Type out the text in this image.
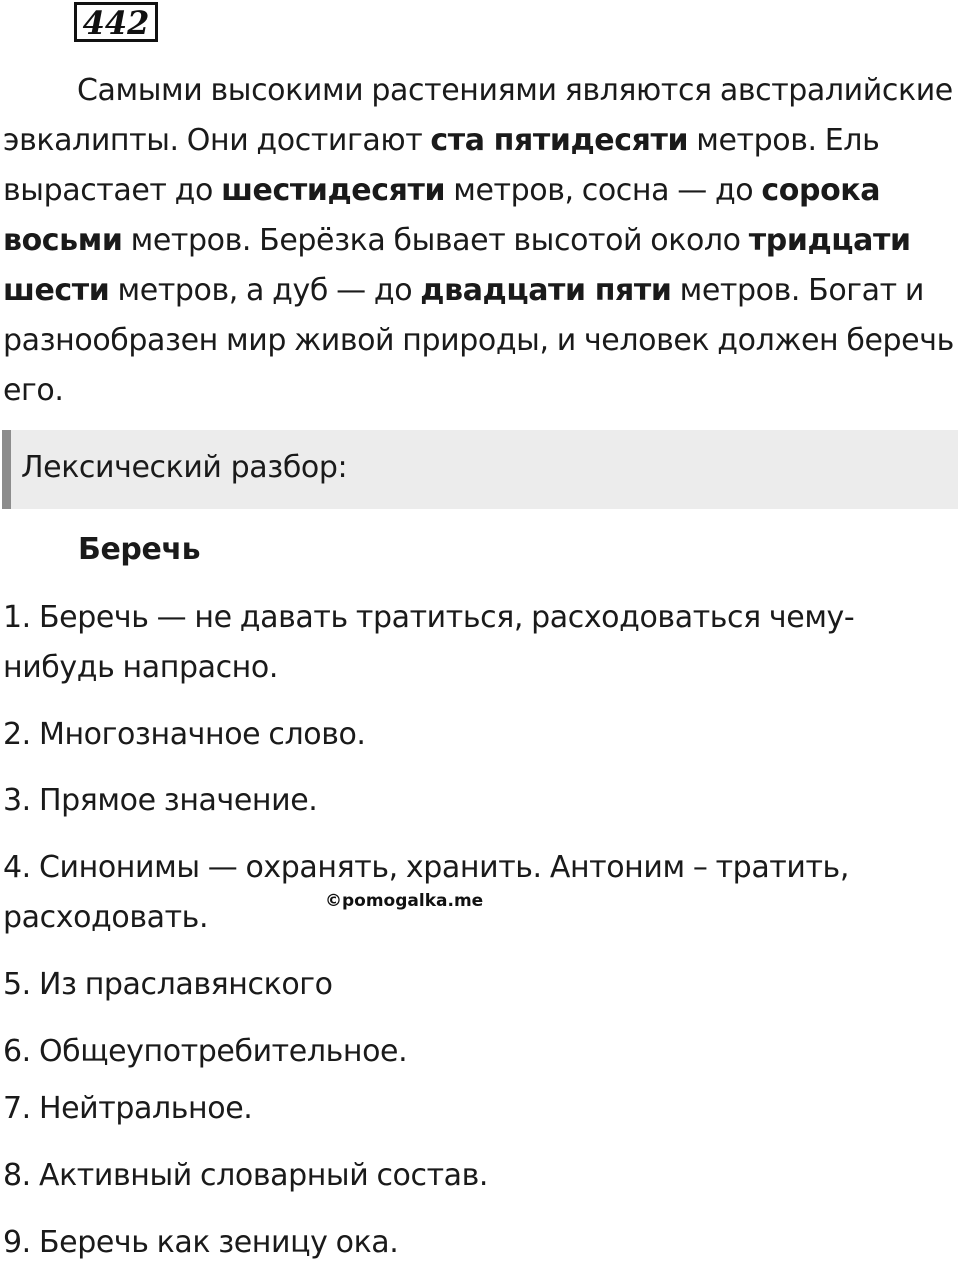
442

Самыми высокими растениями являются австралийские эвкалипты. Они достигают ста пятидесяти метров. Ель вырастает до шестидесяти метров, сосна — до сорока восьми метров. Берёзка бывает высотой около тридцати шести метров, а дуб — до двадцати пяти метров. Богат и разнообразен мир живой природы, и человек должен беречь его.

Лексический разбор:
Беречь
1. Беречь — не давать тратиться, расходоваться чему-нибудь напрасно.
2. Многозначное слово.
3. Прямое значение.
4. Синонимы — охранять, хранить. Антоним – тратить, расходовать.
5. Из праславянского
6. Общеупотребительное.
7. Нейтральное.
8. Активный словарный состав.
9. Беречь как зеницу ока.
©pomogalka.me
